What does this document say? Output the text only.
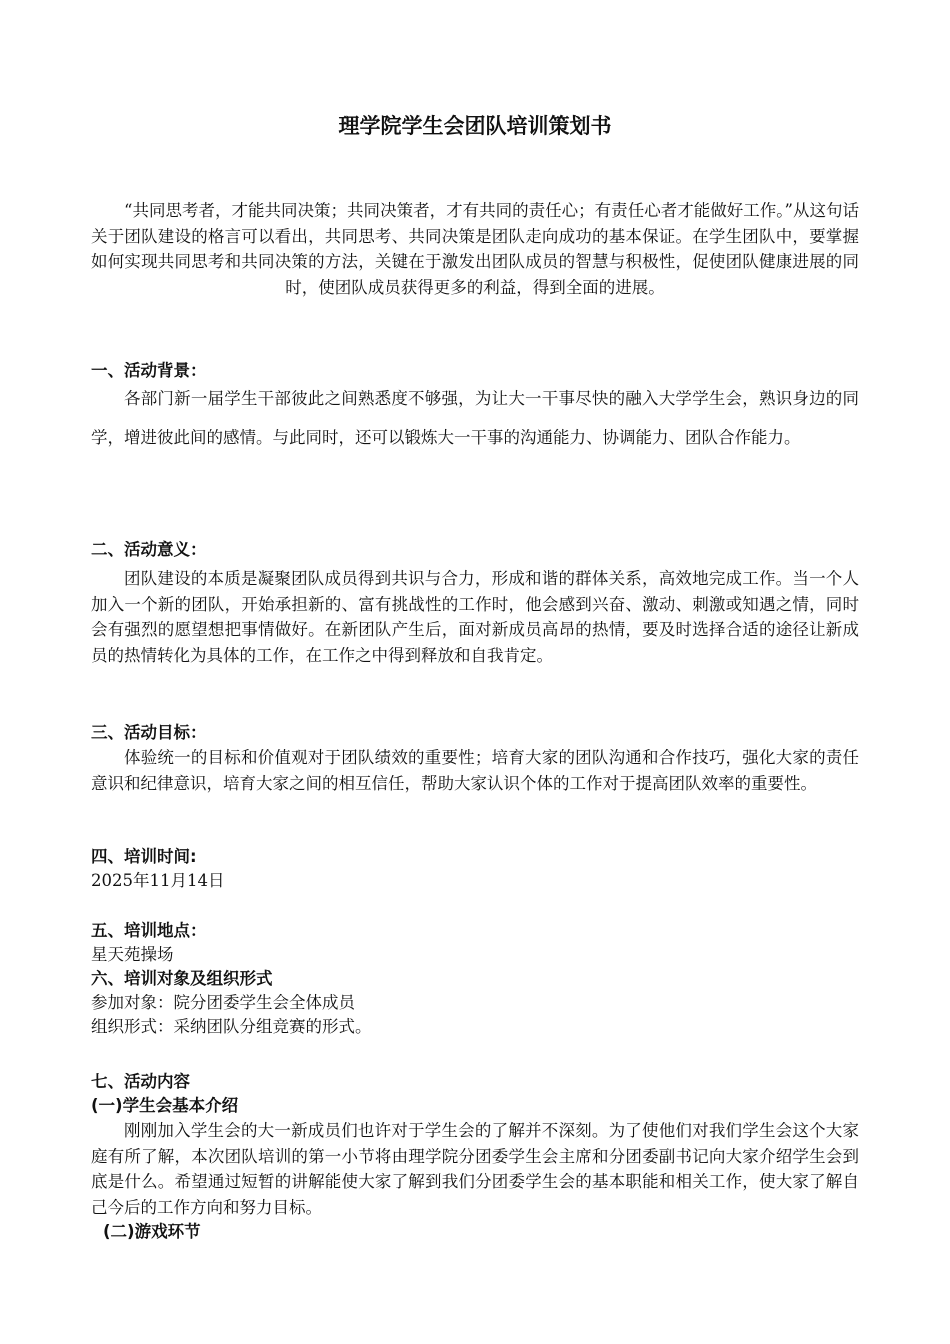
理学院学生会团队培训策划书

“共同思考者，才能共同决策；共同决策者，才有共同的责任心；有责任心者才能做好工作。”从这句话关于团队建设的格言可以看出，共同思考、共同决策是团队走向成功的基本保证。在学生团队中，要掌握如何实现共同思考和共同决策的方法，关键在于激发出团队成员的智慧与积极性，促使团队健康进展的同时，使团队成员获得更多的利益，得到全面的进展。

一、活动背景：

各部门新一届学生干部彼此之间熟悉度不够强，为让大一干事尽快的融入大学学生会，熟识身边的同学，增进彼此间的感情。与此同时，还可以锻炼大一干事的沟通能力、协调能力、团队合作能力。

二、活动意义：

团队建设的本质是凝聚团队成员得到共识与合力，形成和谐的群体关系，高效地完成工作。当一个人加入一个新的团队，开始承担新的、富有挑战性的工作时，他会感到兴奋、激动、刺激或知遇之情，同时会有强烈的愿望想把事情做好。在新团队产生后，面对新成员高昂的热情，要及时选择合适的途径让新成员的热情转化为具体的工作，在工作之中得到释放和自我肯定。

三、活动目标：

体验统一的目标和价值观对于团队绩效的重要性；培育大家的团队沟通和合作技巧，强化大家的责任意识和纪律意识，培育大家之间的相互信任，帮助大家认识个体的工作对于提高团队效率的重要性。

四、培训时间:

2025年11月14日

五、培训地点：

星天苑操场

六、培训对象及组织形式

参加对象：院分团委学生会全体成员

组织形式：采纳团队分组竞赛的形式。

七、活动内容

(一)学生会基本介绍

刚刚加入学生会的大一新成员们也许对于学生会的了解并不深刻。为了使他们对我们学生会这个大家庭有所了解，本次团队培训的第一小节将由理学院分团委学生会主席和分团委副书记向大家介绍学生会到底是什么。希望通过短暂的讲解能使大家了解到我们分团委学生会的基本职能和相关工作，使大家了解自己今后的工作方向和努力目标。

(二)游戏环节
